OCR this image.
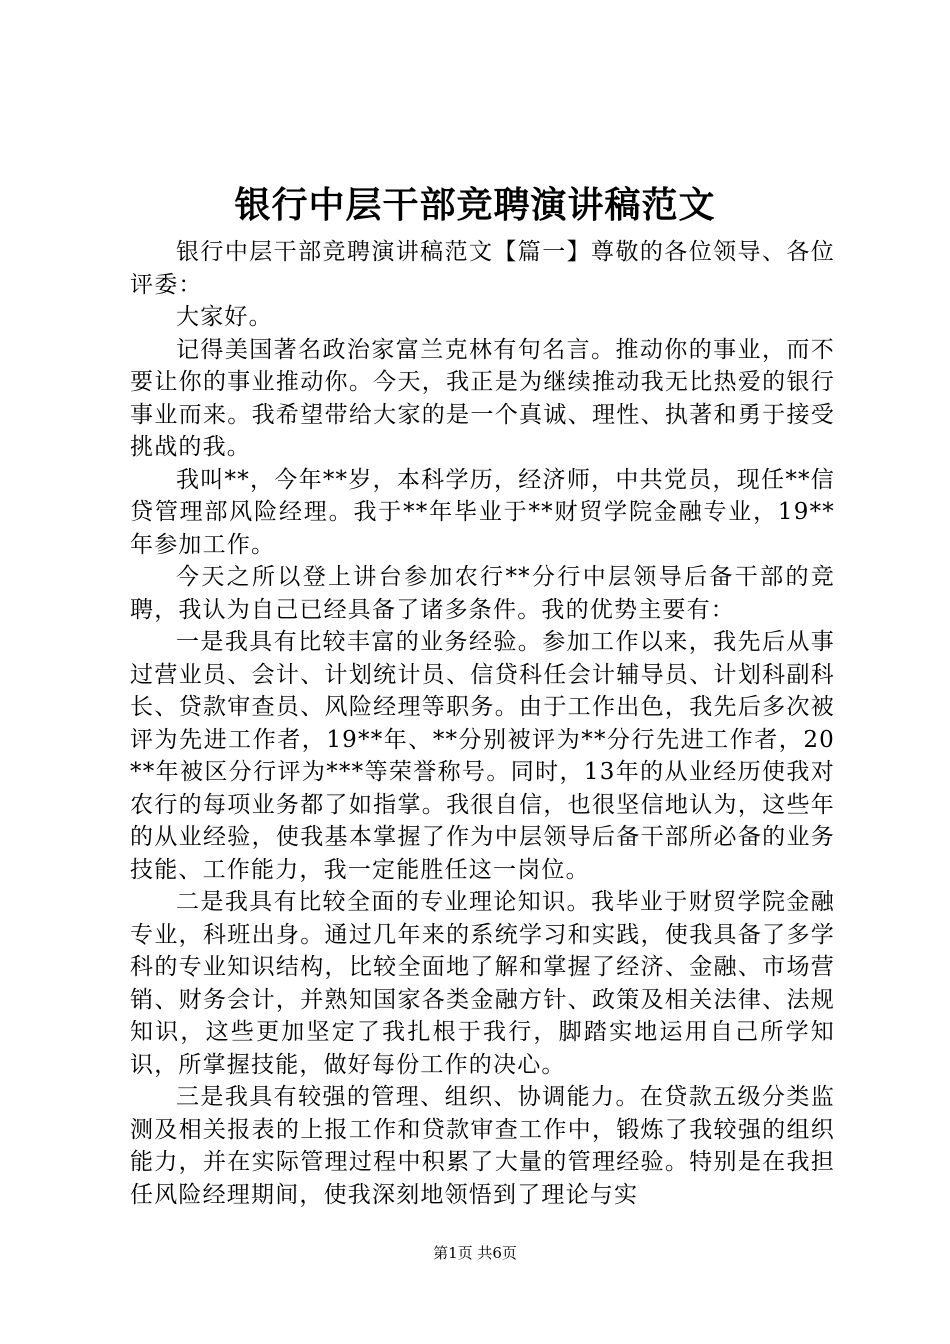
银行中层干部竞聘演讲稿范文

银行中层干部竞聘演讲稿范文【篇一】尊敬的各位领导、各位评委：

大家好。

记得美国著名政治家富兰克林有句名言。推动你的事业，而不要让你的事业推动你。今天，我正是为继续推动我无比热爱的银行事业而来。我希望带给大家的是一个真诚、理性、执著和勇于接受挑战的我。

我叫**，今年**岁，本科学历，经济师，中共党员，现任**信贷管理部风险经理。我于**年毕业于**财贸学院金融专业，19**年参加工作。

今天之所以登上讲台参加农行**分行中层领导后备干部的竞聘，我认为自己已经具备了诸多条件。我的优势主要有：

一是我具有比较丰富的业务经验。参加工作以来，我先后从事过营业员、会计、计划统计员、信贷科任会计辅导员、计划科副科长、贷款审查员、风险经理等职务。由于工作出色，我先后多次被评为先进工作者，19**年、**分别被评为**分行先进工作者，20**年被区分行评为***等荣誉称号。同时，13年的从业经历使我对农行的每项业务都了如指掌。我很自信，也很坚信地认为，这些年的从业经验，使我基本掌握了作为中层领导后备干部所必备的业务技能、工作能力，我一定能胜任这一岗位。

二是我具有比较全面的专业理论知识。我毕业于财贸学院金融专业，科班出身。通过几年来的系统学习和实践，使我具备了多学科的专业知识结构，比较全面地了解和掌握了经济、金融、市场营销、财务会计，并熟知国家各类金融方针、政策及相关法律、法规知识，这些更加坚定了我扎根于我行，脚踏实地运用自己所学知识，所掌握技能，做好每份工作的决心。

三是我具有较强的管理、组织、协调能力。在贷款五级分类监测及相关报表的上报工作和贷款审查工作中，锻炼了我较强的组织能力，并在实际管理过程中积累了大量的管理经验。特别是在我担任风险经理期间，使我深刻地领悟到了理论与实

第1页 共6页
